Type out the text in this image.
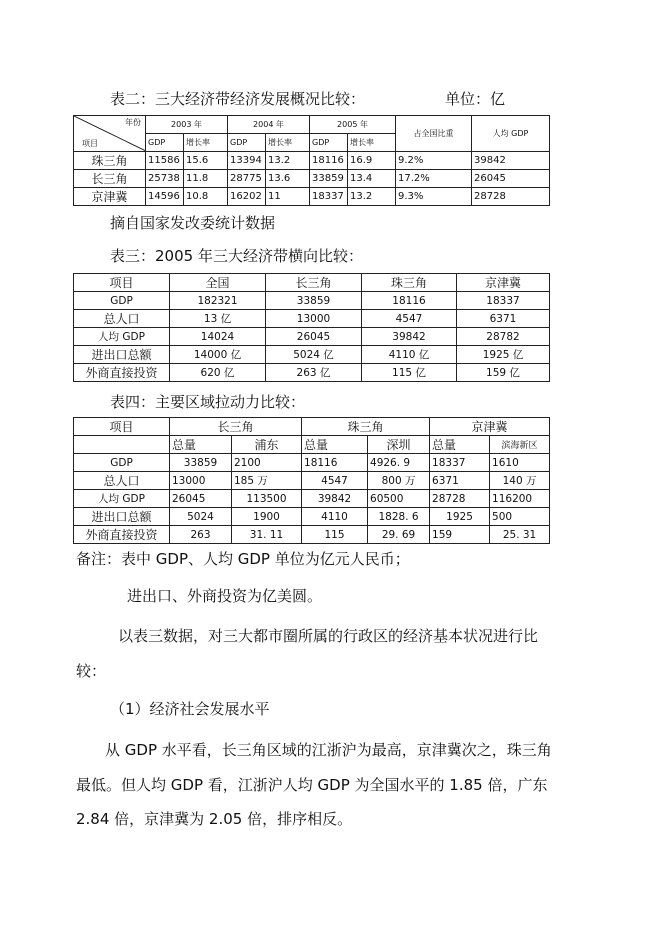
表二：三大经济带经济发展概况比较：	单位：亿
年份
项目	2003 年		2004 年		2005 年		占全国比重	人均 GDP
	GDP	增长率	GDP	增长率	GDP	增长率		
珠三角	11586	15.6	13394	13.2	18116	16.9	9.2%	39842
长三角	25738	11.8	28775	13.6	33859	13.4	17.2%	26045
京津冀	14596	10.8	16202	11	18337	13.2	9.3%	28728
摘自国家发改委统计数据
表三：2005 年三大经济带横向比较：
项目	全国	长三角	珠三角	京津冀
GDP	182321	33859	18116	18337
总人口	13 亿	13000	4547	6371
人均 GDP	14024	26045	39842	28782
进出口总额	14000 亿	5024 亿	4110 亿	1925 亿
外商直接投资	620 亿	263 亿	115 亿	159 亿
表四：主要区域拉动力比较：
项目	长三角		珠三角		京津冀	
	总量	浦东	总量	深圳	总量	滨海新区
GDP	33859	2100	18116	4926. 9	18337	1610
总人口	13000	185 万	4547	800 万	6371	140 万
人均 GDP	26045	113500	39842	60500	28728	116200
进出口总额	5024	1900	4110	1828. 6	1925	500
外商直接投资	263	31. 11	115	29. 69	159	25. 31
备注：表中 GDP、人均 GDP 单位为亿元人民币；
进出口、外商投资为亿美圆。
以表三数据，对三大都市圈所属的行政区的经济基本状况进行比
较：
（1）经济社会发展水平
从 GDP 水平看，长三角区域的江浙沪为最高，京津冀次之，珠三角
最低。但人均 GDP 看，江浙沪人均 GDP 为全国水平的 1.85 倍，广东
2.84 倍，京津冀为 2.05 倍，排序相反。
